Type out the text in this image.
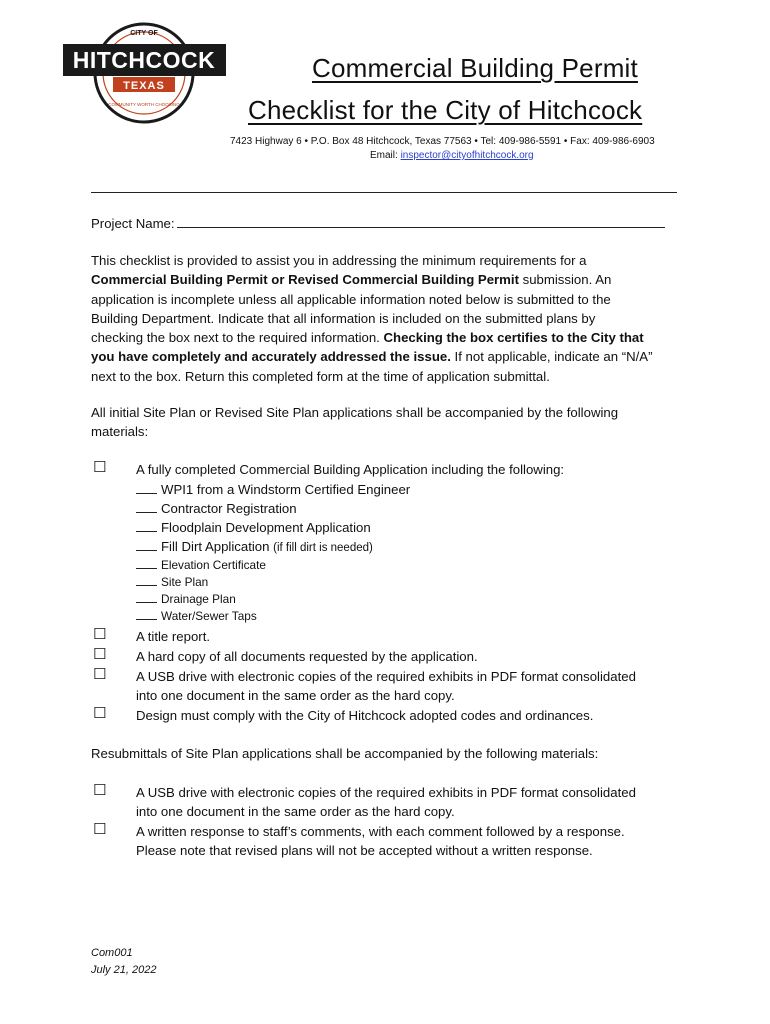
CITY OF
HITCHCOCK
TEXAS
COMMUNITY WORTH CHOOSING
Commercial Building Permit
Checklist for the City of Hitchcock
7423 Highway 6 • P.O. Box 48 Hitchcock, Texas 77563 • Tel: 409-986-5591 • Fax: 409-986-6903
Email: inspector@cityofhitchcock.org
Project Name:
This checklist is provided to assist you in addressing the minimum requirements for a
Commercial Building Permit or Revised Commercial Building Permit submission. An
application is incomplete unless all applicable information noted below is submitted to the
Building Department. Indicate that all information is included on the submitted plans by
checking the box next to the required information. Checking the box certifies to the City that
you have completely and accurately addressed the issue. If not applicable, indicate an “N/A”
next to the box. Return this completed form at the time of application submittal.
All initial Site Plan or Revised Site Plan applications shall be accompanied by the following
materials:
☐ A fully completed Commercial Building Application including the following:
WPI1 from a Windstorm Certified Engineer
Contractor Registration
Floodplain Development Application
Fill Dirt Application (if fill dirt is needed)
Elevation Certificate
Site Plan
Drainage Plan
Water/Sewer Taps
☐ A title report.
☐ A hard copy of all documents requested by the application.
☐ A USB drive with electronic copies of the required exhibits in PDF format consolidated
into one document in the same order as the hard copy.
☐ Design must comply with the City of Hitchcock adopted codes and ordinances.
Resubmittals of Site Plan applications shall be accompanied by the following materials:
☐ A USB drive with electronic copies of the required exhibits in PDF format consolidated
into one document in the same order as the hard copy.
☐ A written response to staff’s comments, with each comment followed by a response.
Please note that revised plans will not be accepted without a written response.
Com001
July 21, 2022
